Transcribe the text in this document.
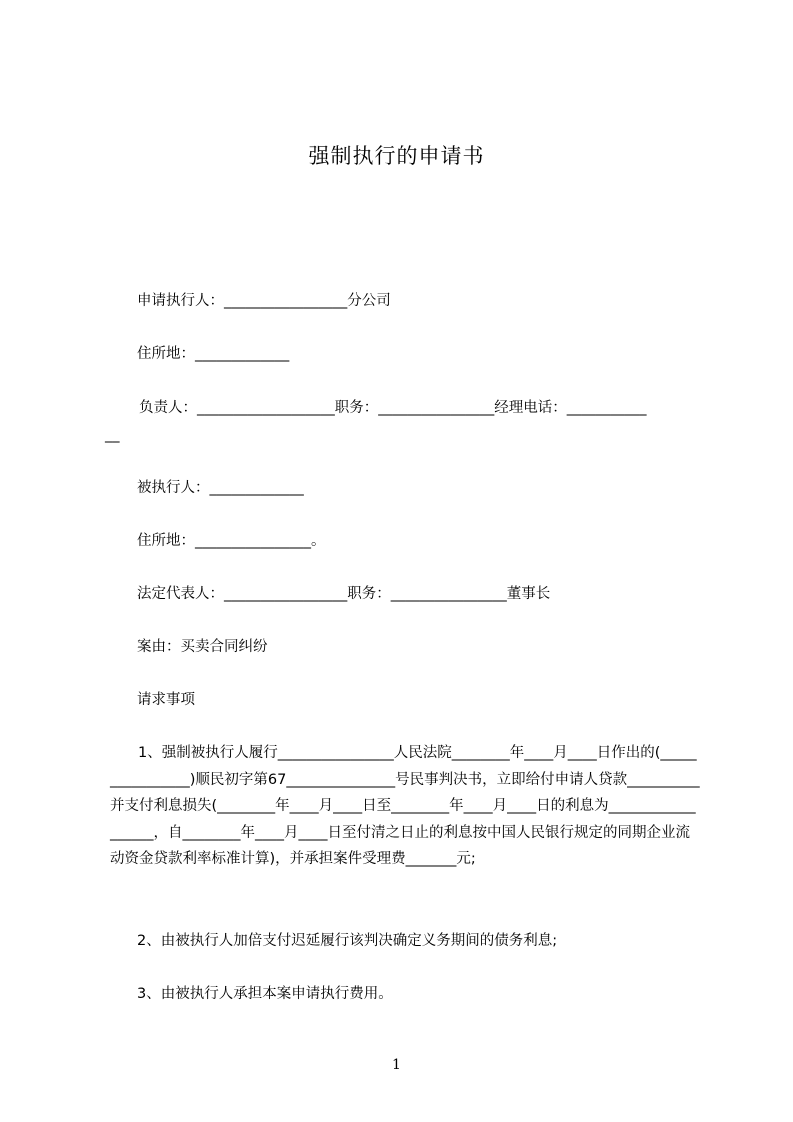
强制执行的申请书
申请执行人：_________________分公司
住所地：_____________
负责人：___________________职务：________________经理电话：___________
__
被执行人：_____________
住所地：________________。
法定代表人：_________________职务：________________董事长
案由：买卖合同纠纷
请求事项

1、强制被执行人履行________________人民法院________年____月____日作出的(________________)顺民初字第67_______________号民事判决书，立即给付申请人贷款__________并支付利息损失(________年____月____日至________年____月____日的利息为__________________，自________年____月____日至付清之日止的利息按中国人民银行规定的同期企业流动资金贷款利率标准计算)，并承担案件受理费_______元;

2、由被执行人加倍支付迟延履行该判决确定义务期间的债务利息;
3、由被执行人承担本案申请执行费用。
1
